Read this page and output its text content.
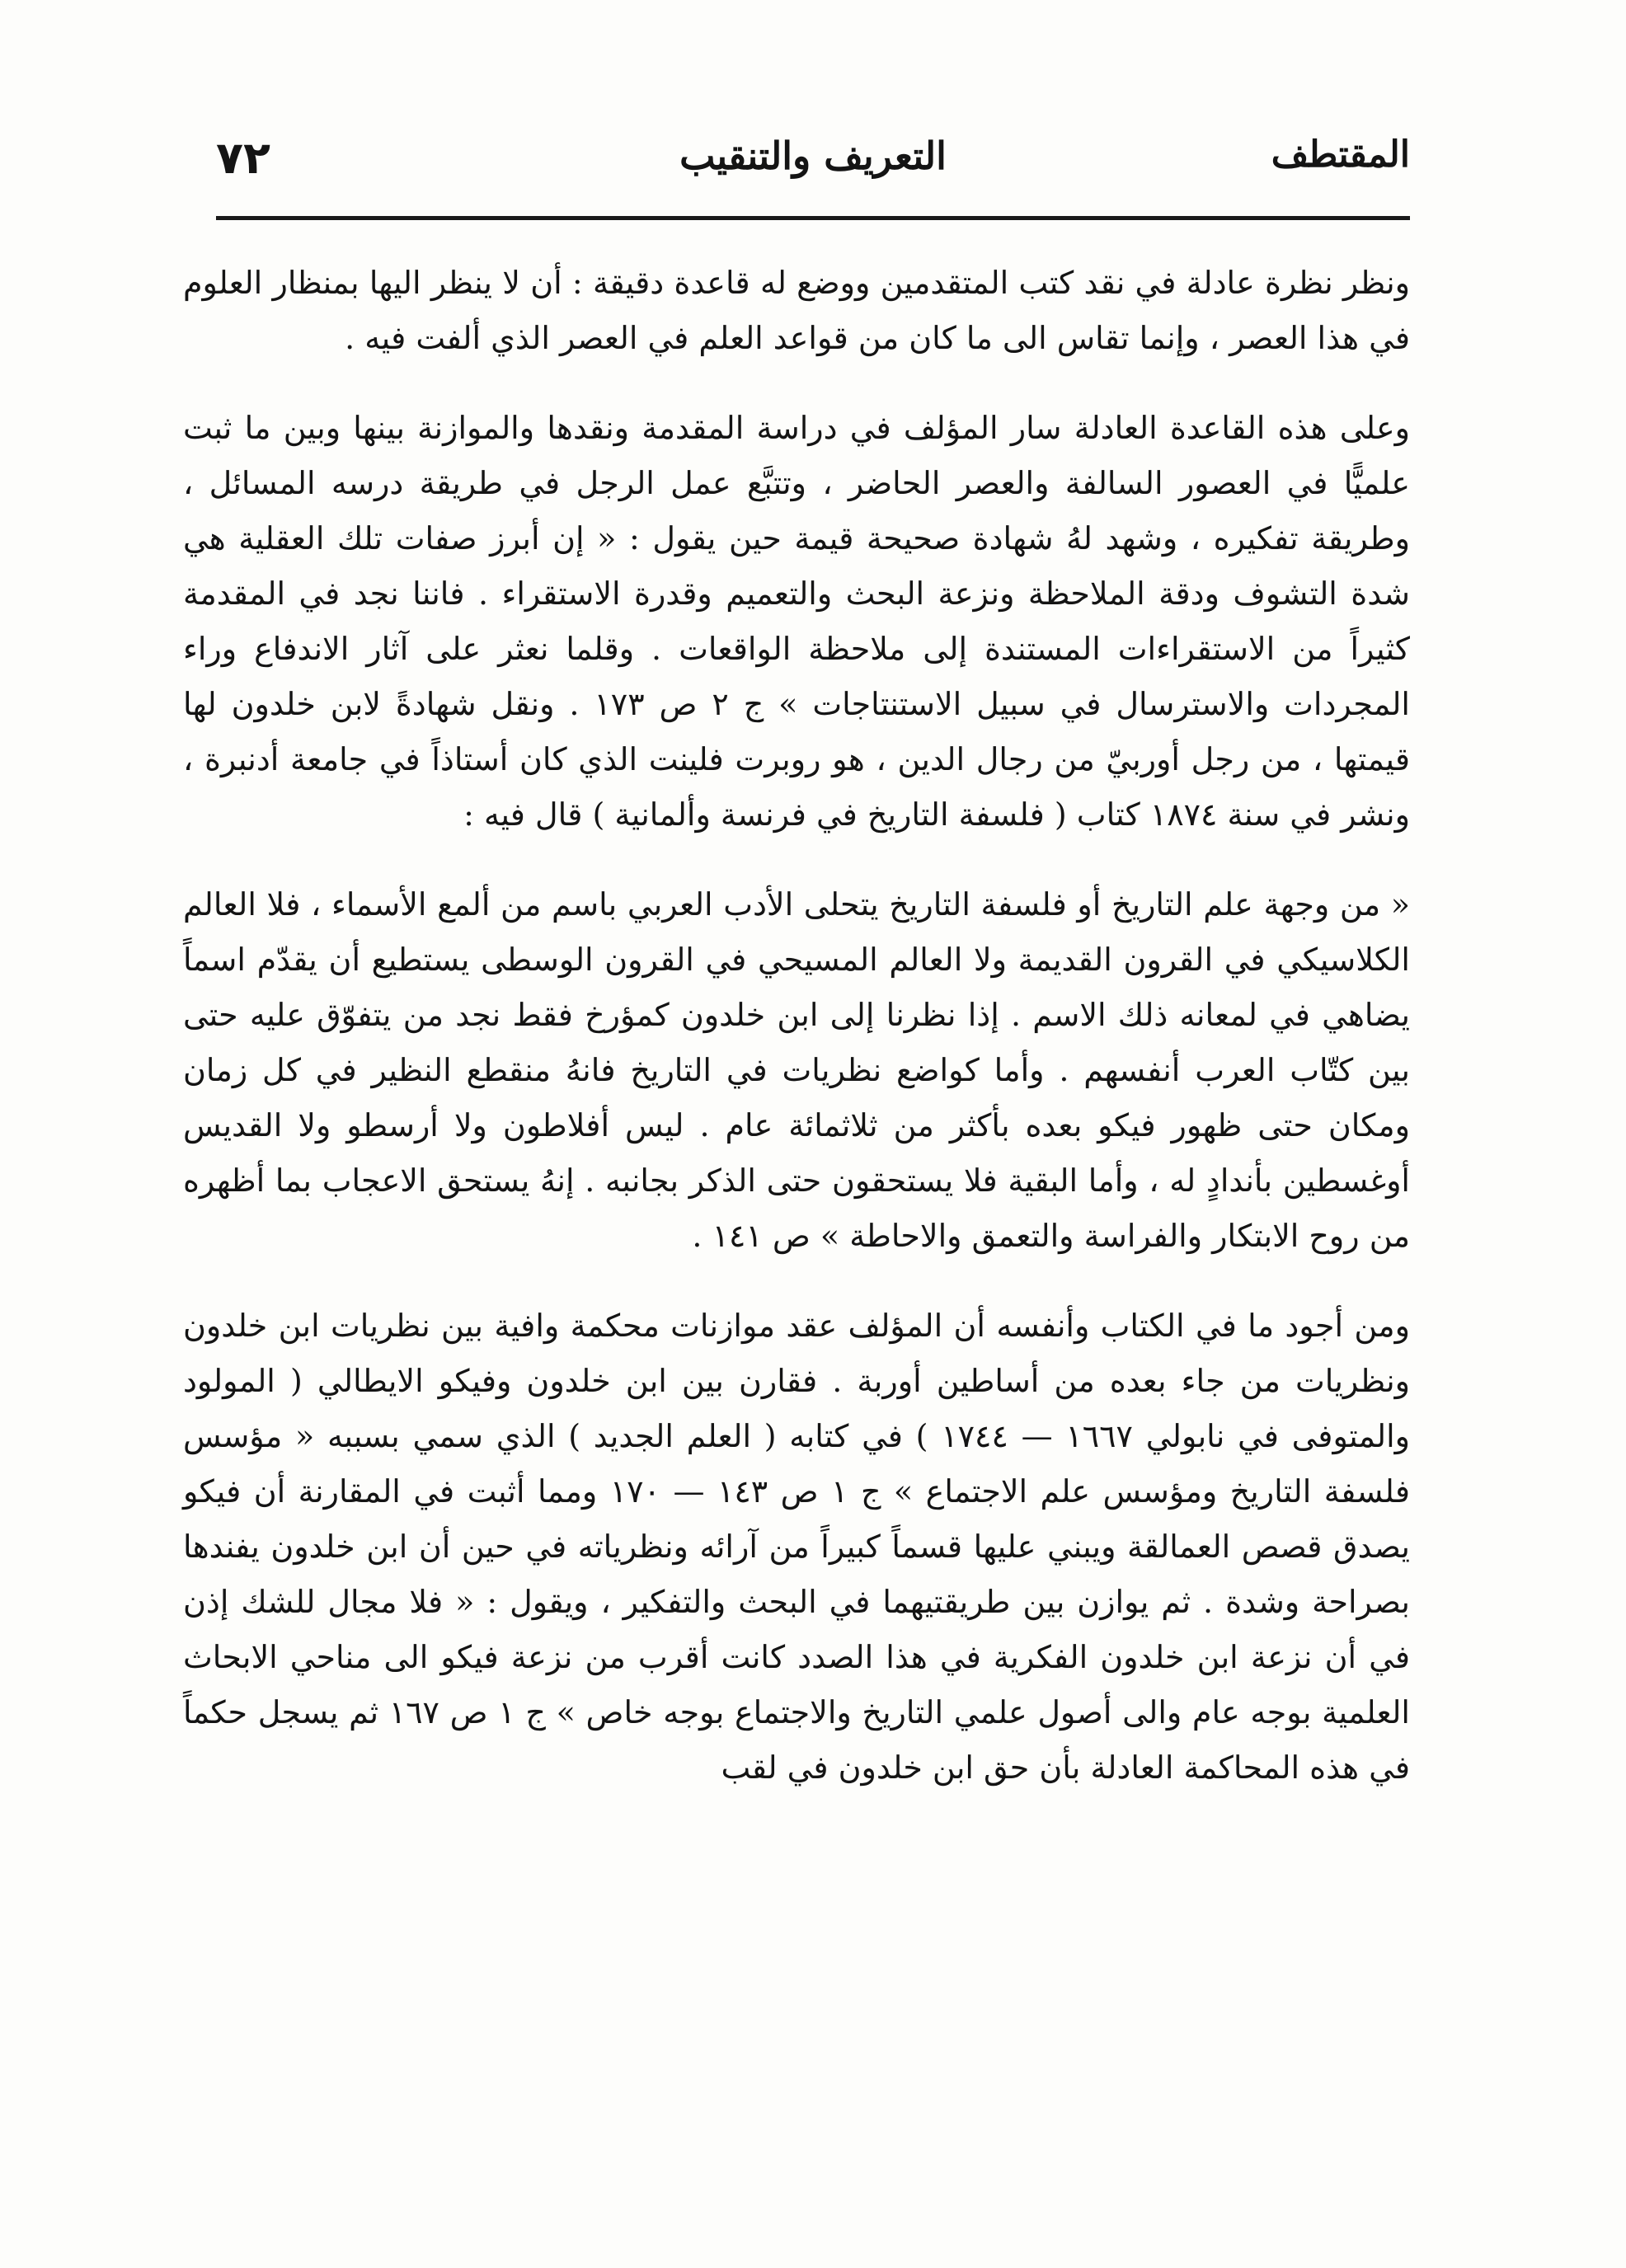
٧٢	التعريف والتنقيب	المقتطف

ونظر نظرة عادلة في نقد كتب المتقدمين ووضع له قاعدة دقيقة : أن لا ينظر اليها بمنظار العلوم في هذا العصر ، وإنما تقاس الى ما كان من قواعد العلم في العصر الذي ألفت فيه .

وعلى هذه القاعدة العادلة سار المؤلف في دراسة المقدمة ونقدها والموازنة بينها وبين ما ثبت علميًّا في العصور السالفة والعصر الحاضر ، وتتبَّع عمل الرجل في طريقة درسه المسائل ، وطريقة تفكيره ، وشهد لهُ شهادة صحيحة قيمة حين يقول : « إن أبرز صفات تلك العقلية هي شدة التشوف ودقة الملاحظة ونزعة البحث والتعميم وقدرة الاستقراء . فاننا نجد في المقدمة كثيراً من الاستقراءات المستندة إلى ملاحظة الواقعات . وقلما نعثر على آثار الاندفاع وراء المجردات والاسترسال في سبيل الاستنتاجات » ج ٢ ص ١٧٣ . ونقل شهادةً لابن خلدون لها قيمتها ، من رجل أوربيّ من رجال الدين ، هو روبرت فلينت الذي كان أستاذاً في جامعة أدنبرة ، ونشر في سنة ١٨٧٤ كتاب ( فلسفة التاريخ في فرنسة وألمانية ) قال فيه :

« من وجهة علم التاريخ أو فلسفة التاريخ يتحلى الأدب العربي باسم من ألمع الأسماء ، فلا العالم الكلاسيكي في القرون القديمة ولا العالم المسيحي في القرون الوسطى يستطيع أن يقدّم اسماً يضاهي في لمعانه ذلك الاسم . إذا نظرنا إلى ابن خلدون كمؤرخ فقط نجد من يتفوّق عليه حتى بين كتّاب العرب أنفسهم . وأما كواضع نظريات في التاريخ فانهُ منقطع النظير في كل زمان ومكان حتى ظهور فيكو بعده بأكثر من ثلاثمائة عام . ليس أفلاطون ولا أرسطو ولا القديس أوغسطين بأندادٍ له ، وأما البقية فلا يستحقون حتى الذكر بجانبه . إنهُ يستحق الاعجاب بما أظهره من روح الابتكار والفراسة والتعمق والاحاطة » ص ١٤١ .

ومن أجود ما في الكتاب وأنفسه أن المؤلف عقد موازنات محكمة وافية بين نظريات ابن خلدون ونظريات من جاء بعده من أساطين أوربة . فقارن بين ابن خلدون وفيكو الايطالي ( المولود والمتوفى في نابولي ١٦٦٧ — ١٧٤٤ ) في كتابه ( العلم الجديد ) الذي سمي بسببه « مؤسس فلسفة التاريخ ومؤسس علم الاجتماع » ج ١ ص ١٤٣ — ١٧٠ ومما أثبت في المقارنة أن فيكو يصدق قصص العمالقة ويبني عليها قسماً كبيراً من آرائه ونظرياته في حين أن ابن خلدون يفندها بصراحة وشدة . ثم يوازن بين طريقتيهما في البحث والتفكير ، ويقول : « فلا مجال للشك إذن في أن نزعة ابن خلدون الفكرية في هذا الصدد كانت أقرب من نزعة فيكو الى مناحي الابحاث العلمية بوجه عام والى أصول علمي التاريخ والاجتماع بوجه خاص » ج ١ ص ١٦٧ ثم يسجل حكماً في هذه المحاكمة العادلة بأن حق ابن خلدون في لقب
